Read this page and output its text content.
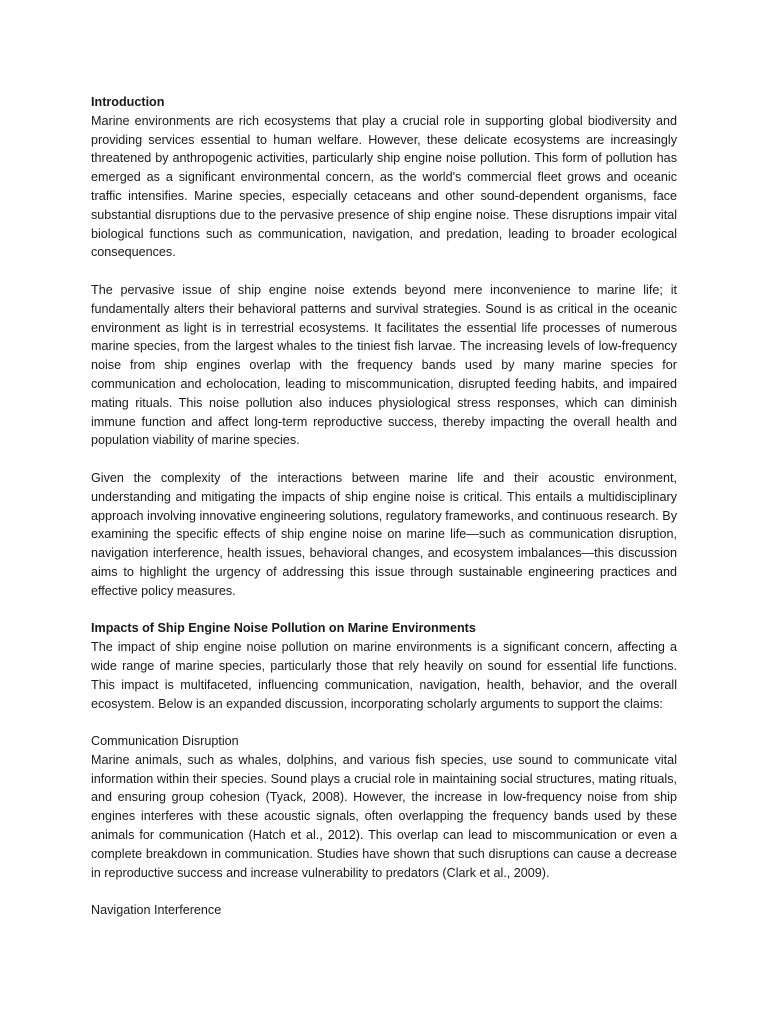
Introduction

Marine environments are rich ecosystems that play a crucial role in supporting global biodiversity and providing services essential to human welfare. However, these delicate ecosystems are increasingly threatened by anthropogenic activities, particularly ship engine noise pollution. This form of pollution has emerged as a significant environmental concern, as the world's commercial fleet grows and oceanic traffic intensifies. Marine species, especially cetaceans and other sound-dependent organisms, face substantial disruptions due to the pervasive presence of ship engine noise. These disruptions impair vital biological functions such as communication, navigation, and predation, leading to broader ecological consequences.

The pervasive issue of ship engine noise extends beyond mere inconvenience to marine life; it fundamentally alters their behavioral patterns and survival strategies. Sound is as critical in the oceanic environment as light is in terrestrial ecosystems. It facilitates the essential life processes of numerous marine species, from the largest whales to the tiniest fish larvae. The increasing levels of low-frequency noise from ship engines overlap with the frequency bands used by many marine species for communication and echolocation, leading to miscommunication, disrupted feeding habits, and impaired mating rituals. This noise pollution also induces physiological stress responses, which can diminish immune function and affect long-term reproductive success, thereby impacting the overall health and population viability of marine species.

Given the complexity of the interactions between marine life and their acoustic environment, understanding and mitigating the impacts of ship engine noise is critical. This entails a multidisciplinary approach involving innovative engineering solutions, regulatory frameworks, and continuous research. By examining the specific effects of ship engine noise on marine life—such as communication disruption, navigation interference, health issues, behavioral changes, and ecosystem imbalances—this discussion aims to highlight the urgency of addressing this issue through sustainable engineering practices and effective policy measures.

Impacts of Ship Engine Noise Pollution on Marine Environments

The impact of ship engine noise pollution on marine environments is a significant concern, affecting a wide range of marine species, particularly those that rely heavily on sound for essential life functions. This impact is multifaceted, influencing communication, navigation, health, behavior, and the overall ecosystem. Below is an expanded discussion, incorporating scholarly arguments to support the claims:

Communication Disruption

Marine animals, such as whales, dolphins, and various fish species, use sound to communicate vital information within their species. Sound plays a crucial role in maintaining social structures, mating rituals, and ensuring group cohesion (Tyack, 2008). However, the increase in low-frequency noise from ship engines interferes with these acoustic signals, often overlapping the frequency bands used by these animals for communication (Hatch et al., 2012). This overlap can lead to miscommunication or even a complete breakdown in communication. Studies have shown that such disruptions can cause a decrease in reproductive success and increase vulnerability to predators (Clark et al., 2009).

Navigation Interference
